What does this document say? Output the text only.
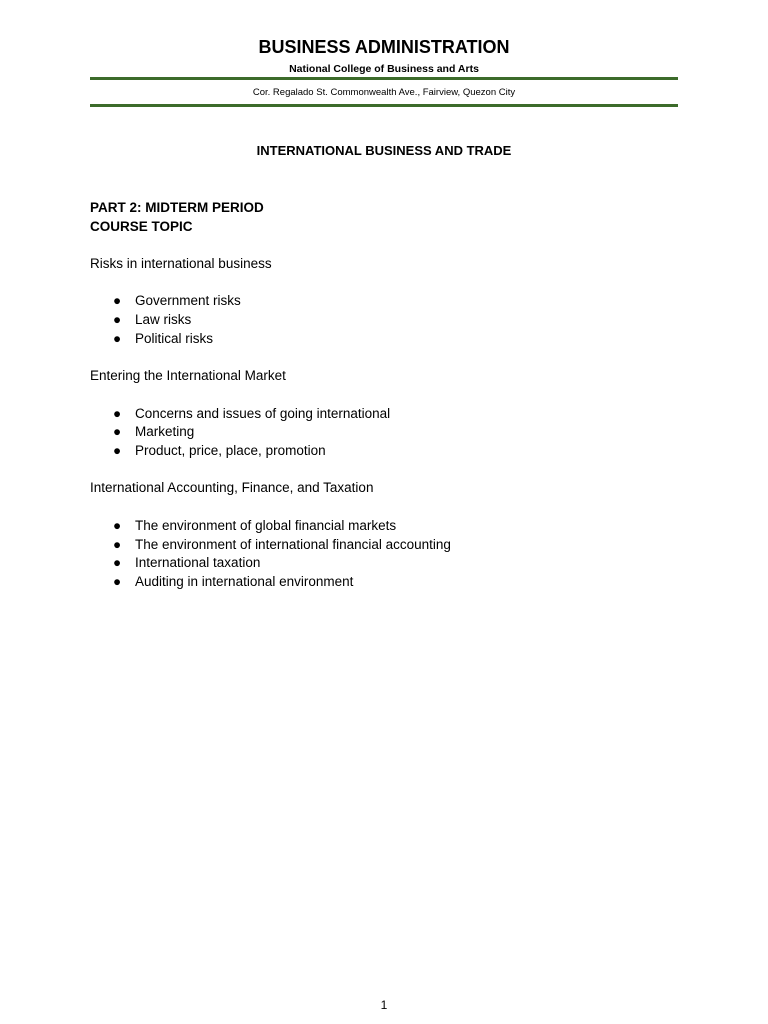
BUSINESS ADMINISTRATION
National College of Business and Arts
Cor. Regalado St. Commonwealth Ave., Fairview, Quezon City
INTERNATIONAL BUSINESS AND TRADE

PART 2: MIDTERM PERIOD

COURSE TOPIC

Risks in international business

● Government risks
● Law risks
● Political risks

Entering the International Market

● Concerns and issues of going international
● Marketing
● Product, price, place, promotion

International Accounting, Finance, and Taxation

● The environment of global financial markets
● The environment of international financial accounting
● International taxation
● Auditing in international environment
1
